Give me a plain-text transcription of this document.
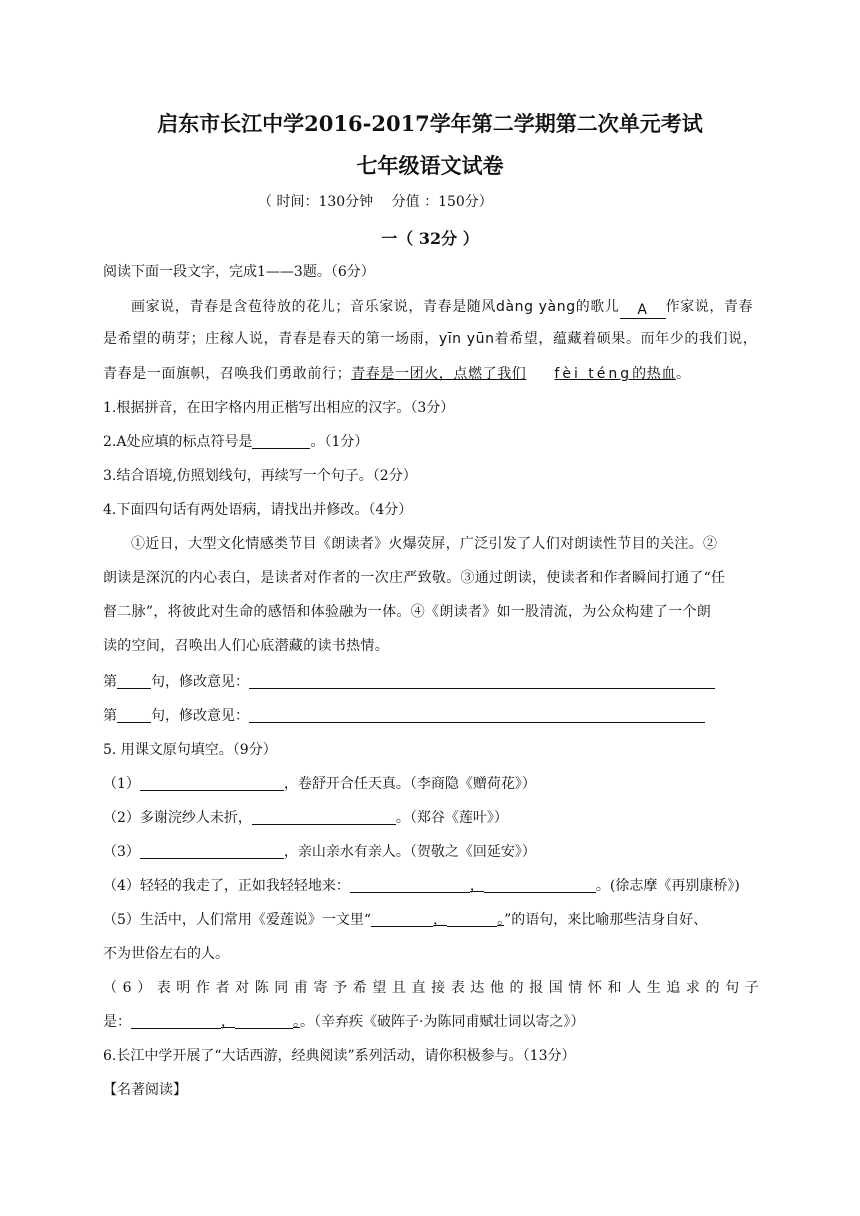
启东市长江中学2016-2017学年第二学期第二次单元考试
七年级语文试卷
（ 时间：130分钟　 分值 ：150分）
一（ 32分 ）
阅读下面一段文字，完成1——3题。（6分）
画家说，青春是含苞待放的花儿；音乐家说，青春是随风dàng yàng的歌儿 A 作家说，青春
是希望的萌芽；庄稼人说，青春是春天的第一场雨，yīn yūn着希望，蕴藏着硕果。而年少的我们说，
青春是一面旗帜，召唤我们勇敢前行；青春是一团火，点燃了我们 fèi téng的热血。
1.根据拼音，在田字格内用正楷写出相应的汉字。（3分）
2.A处应填的标点符号是	。（1分）
3.结合语境,仿照划线句，再续写一个句子。（2分）
4.下面四句话有两处语病，请找出并修改。（4分）
①近日，大型文化情感类节目《朗读者》火爆荧屏，广泛引发了人们对朗读性节目的关注。②
朗读是深沉的内心表白，是读者对作者的一次庄严致敬。③通过朗读，使读者和作者瞬间打通了“任
督二脉”，将彼此对生命的感悟和体验融为一体。④《朗读者》如一股清流，为公众构建了一个朗
读的空间，召唤出人们心底潜藏的读书热情。
第 句，修改意见：
第 句，修改意见：
5. 用课文原句填空。（9分）
（1）	，卷舒开合任天真。（李商隐《赠荷花》）
（2）多谢浣纱人未折，	。（郑谷《莲叶》）
（3）	，亲山亲水有亲人。（贺敬之《回延安》）
（4）轻轻的我走了，正如我轻轻地来：	，	。(徐志摩《再别康桥》)
（5）生活中，人们常用《爱莲说》一文里“	，	。”的语句，来比喻那些洁身自好、
不为世俗左右的人。
（6）表明作者对陈同甫寄予希望且直接表达他的报国情怀和人生追求的句子
是：	，	。。（辛弃疾《破阵子·为陈同甫赋壮词以寄之》）
6.长江中学开展了“大话西游，经典阅读”系列活动，请你积极参与。（13分）
【名著阅读】
